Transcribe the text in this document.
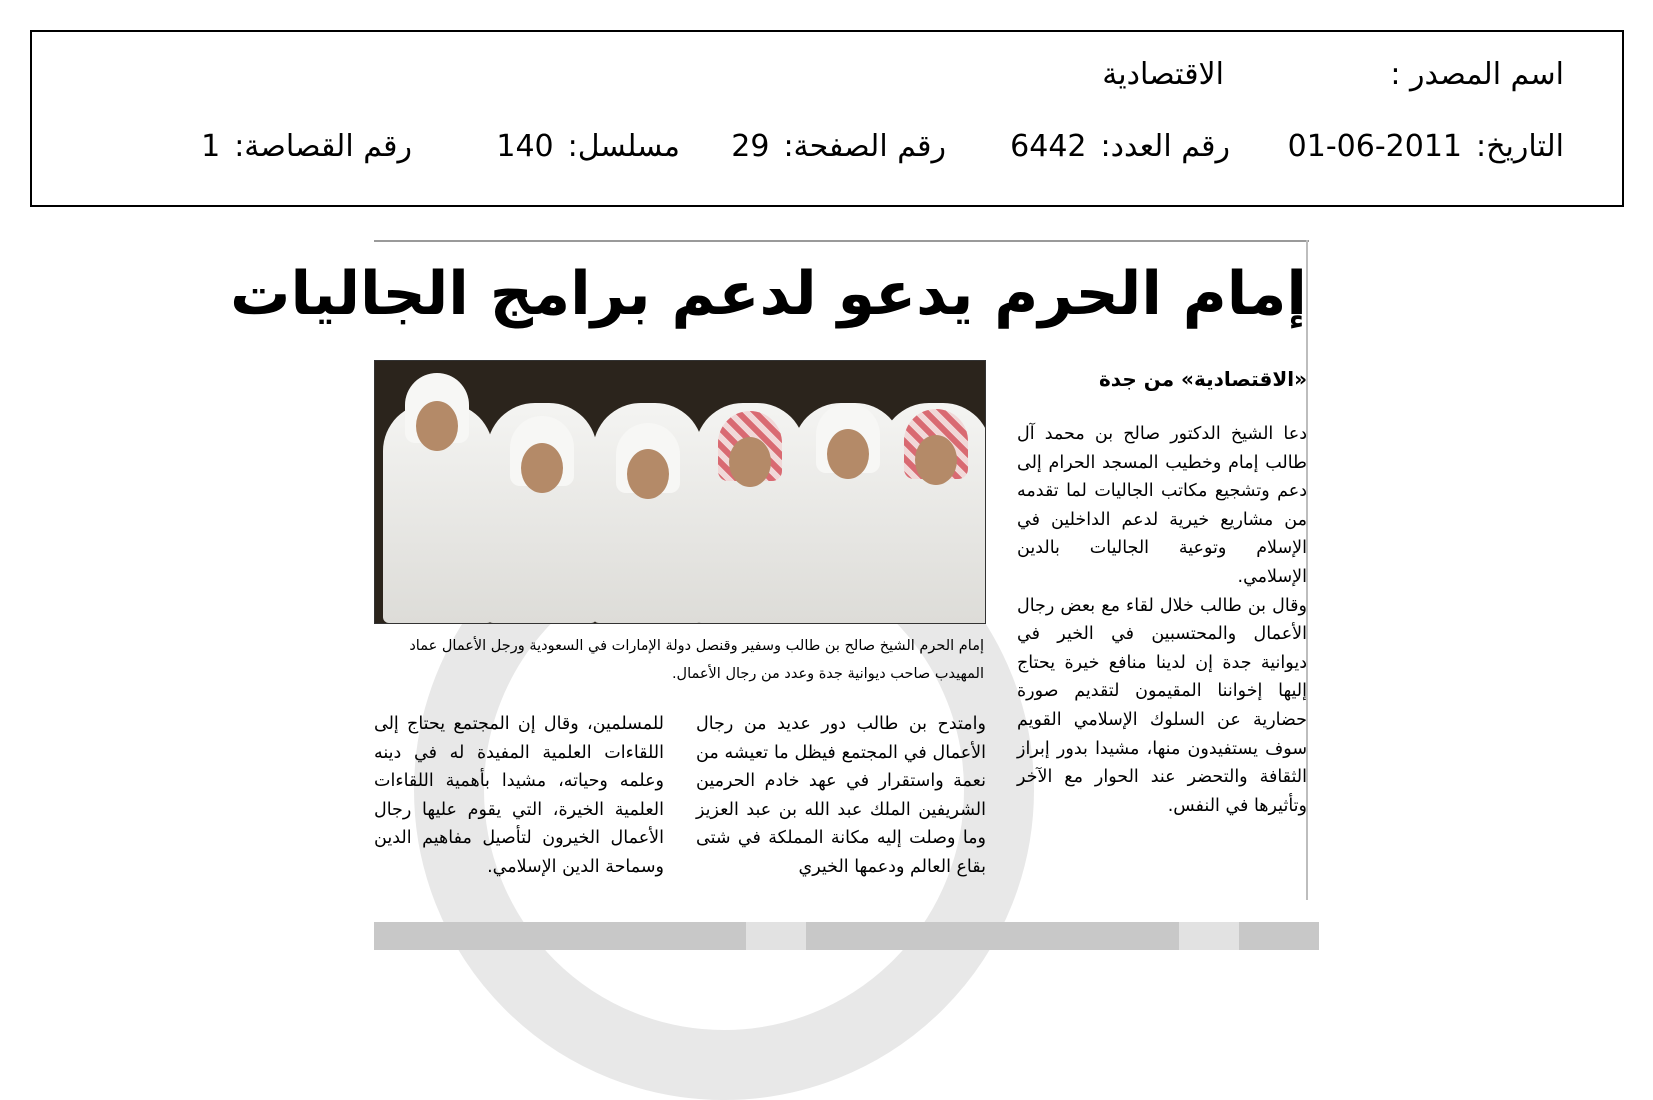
اسم المصدر :
الاقتصادية
التاريخ:2011-06-01
رقم العدد:6442
رقم الصفحة:29
مسلسل:140
رقم القصاصة:1
إمام الحرم يدعو لدعم برامج الجاليات
«الاقتصادية» من جدة

دعا الشيخ الدكتور صالح بن محمد آل طالب إمام وخطيب المسجد الحرام إلى دعم وتشجيع مكاتب الجاليات لما تقدمه من مشاريع خيرية لدعم الداخلين في الإسلام وتوعية الجاليات بالدين الإسلامي.

وقال بن طالب خلال لقاء مع بعض رجال الأعمال والمحتسبين في الخير في ديوانية جدة إن لدينا منافع خيرة يحتاج إليها إخواننا المقيمون لتقديم صورة حضارية عن السلوك الإسلامي القويم سوف يستفيدون منها، مشيدا بدور إبراز الثقافة والتحضر عند الحوار مع الآخر وتأثيرها في النفس.

إمام الحرم الشيخ صالح بن طالب وسفير وقنصل دولة الإمارات في السعودية ورجل الأعمال عماد المهيدب صاحب ديوانية جدة وعدد من رجال الأعمال.

وامتدح بن طالب دور عديد من رجال الأعمال في المجتمع فيظل ما تعيشه من نعمة واستقرار في عهد خادم الحرمين الشريفين الملك عبد الله بن عبد العزيز وما وصلت إليه مكانة المملكة في شتى بقاع العالم ودعمها الخيري

للمسلمين، وقال إن المجتمع يحتاج إلى اللقاءات العلمية المفيدة له في دينه وعلمه وحياته، مشيدا بأهمية اللقاءات العلمية الخيرة، التي يقوم عليها رجال الأعمال الخيرون لتأصيل مفاهيم الدين وسماحة الدين الإسلامي.
